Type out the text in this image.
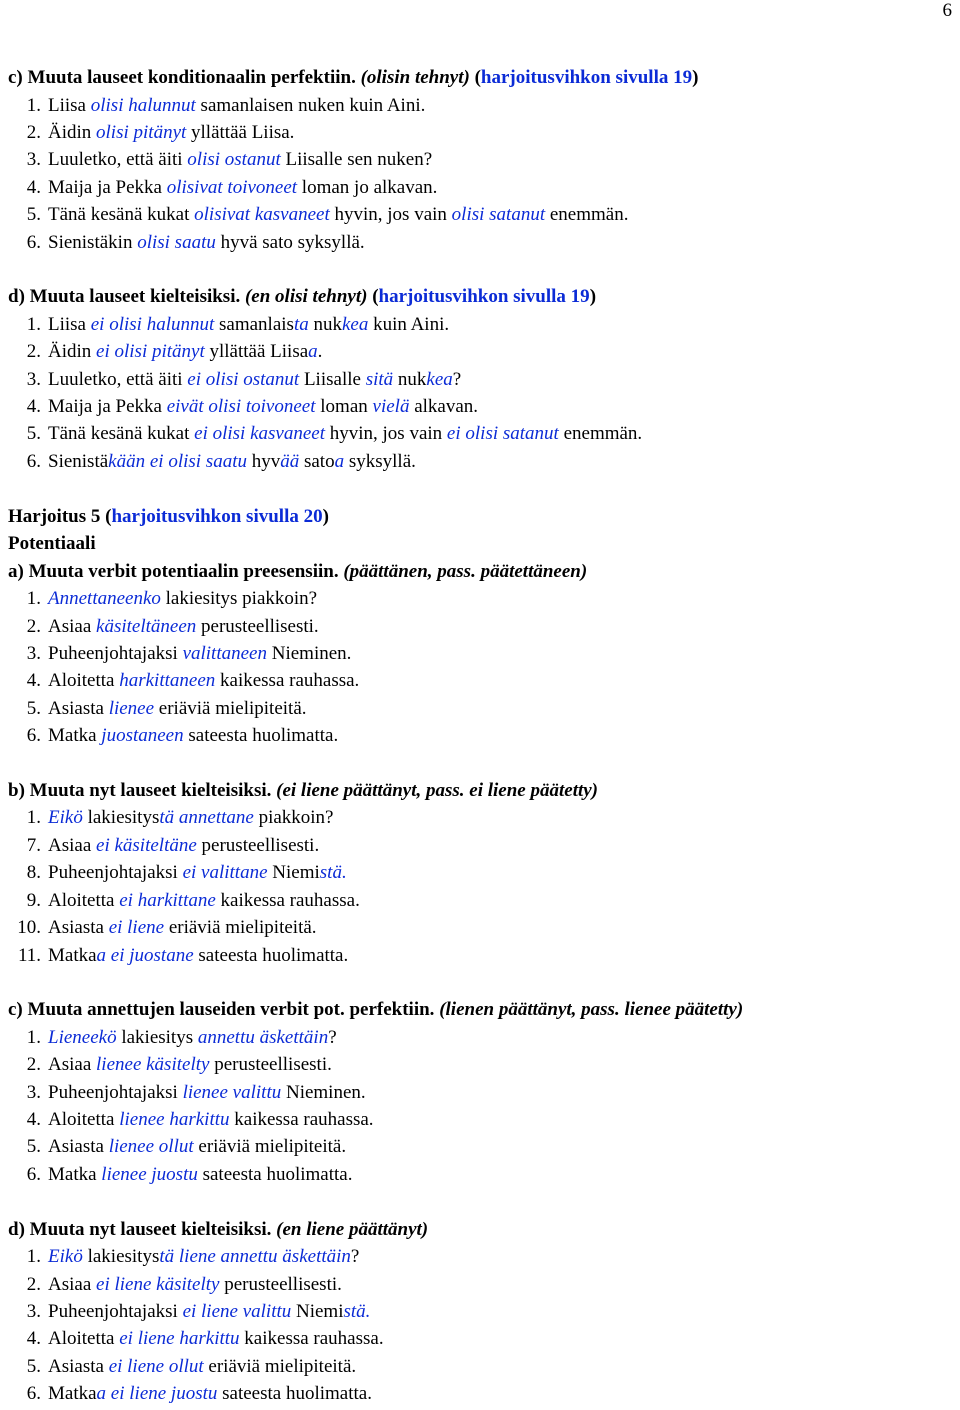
6
c) Muuta lauseet konditionaalin perfektiin. (olisin tehnyt) (harjoitusvihkon sivulla 19)
1. Liisa olisi halunnut samanlaisen nuken kuin Aini.
2. Äidin olisi pitänyt yllättää Liisa.
3. Luuletko, että äiti olisi ostanut Liisalle sen nuken?
4. Maija ja Pekka olisivat toivoneet loman jo alkavan.
5. Tänä kesänä kukat olisivat kasvaneet hyvin, jos vain olisi satanut enemmän.
6. Sienistäkin olisi saatu hyvä sato syksyllä.
d) Muuta lauseet kielteisiksi. (en olisi tehnyt) (harjoitusvihkon sivulla 19)
1. Liisa ei olisi halunnut samanlaista nukkea kuin Aini.
2. Äidin ei olisi pitänyt yllättää Liisaa.
3. Luuletko, että äiti ei olisi ostanut Liisalle sitä nukkea?
4. Maija ja Pekka eivät olisi toivoneet loman vielä alkavan.
5. Tänä kesänä kukat ei olisi kasvaneet hyvin, jos vain ei olisi satanut enemmän.
6. Sienistäkään ei olisi saatu hyvää satoa syksyllä.
Harjoitus 5 (harjoitusvihkon sivulla 20)
Potentiaali
a) Muuta verbit potentiaalin preesensiin. (päättänen, pass. päätettäneen)
1. Annettaneenko lakiesitys piakkoin?
2. Asiaa käsiteltäneen perusteellisesti.
3. Puheenjohtajaksi valittaneen Nieminen.
4. Aloitetta harkittaneen kaikessa rauhassa.
5. Asiasta lienee eriäviä mielipiteitä.
6. Matka juostaneen sateesta huolimatta.
b) Muuta nyt lauseet kielteisiksi. (ei liene päättänyt, pass. ei liene päätetty)
1. Eikö lakiesitystä annettane piakkoin?
7. Asiaa ei käsiteltäne perusteellisesti.
8. Puheenjohtajaksi ei valittane Niemistä.
9. Aloitetta ei harkittane kaikessa rauhassa.
10. Asiasta ei liene eriäviä mielipiteitä.
11. Matkaa ei juostane sateesta huolimatta.
c) Muuta annettujen lauseiden verbit pot. perfektiin. (lienen päättänyt, pass. lienee päätetty)
1. Lieneekö lakiesitys annettu äskettäin?
2. Asiaa lienee käsitelty perusteellisesti.
3. Puheenjohtajaksi lienee valittu Nieminen.
4. Aloitetta lienee harkittu kaikessa rauhassa.
5. Asiasta lienee ollut eriäviä mielipiteitä.
6. Matka lienee juostu sateesta huolimatta.
d) Muuta nyt lauseet kielteisiksi. (en liene päättänyt)
1. Eikö lakiesitystä liene annettu äskettäin?
2. Asiaa ei liene käsitelty perusteellisesti.
3. Puheenjohtajaksi ei liene valittu Niemistä.
4. Aloitetta ei liene harkittu kaikessa rauhassa.
5. Asiasta ei liene ollut eriäviä mielipiteitä.
6. Matkaa ei liene juostu sateesta huolimatta.
